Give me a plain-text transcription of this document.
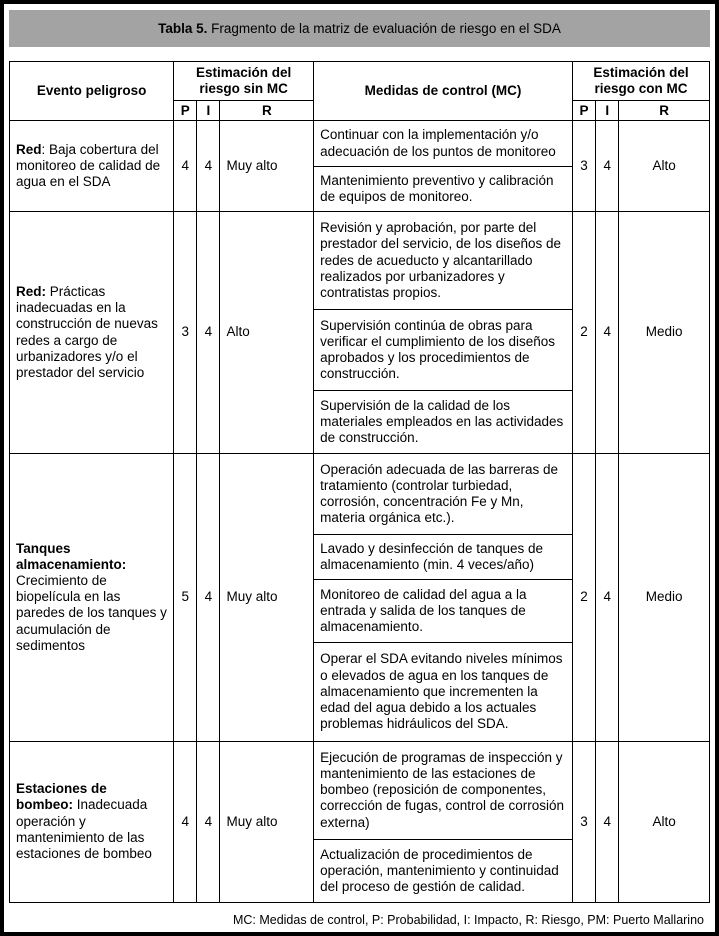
Tabla 5. Fragmento de la matriz de evaluación de riesgo en el SDA
Evento peligroso	Estimación del riesgo sin MC			Medidas de control (MC)	Estimación del riesgo con MC		
	P	I	R		P	I	R
Red: Baja cobertura del monitoreo de calidad de agua en el SDA	4	4	Muy alto	Continuar con la implementación y/o adecuación de los puntos de monitoreo	3	4	Alto
				Mantenimiento preventivo y calibración de equipos de monitoreo.			
Red: Prácticas inadecuadas en la construcción de nuevas redes a cargo de urbanizadores y/o el prestador del servicio	3	4	Alto	Revisión y aprobación, por parte del prestador del servicio, de los diseños de redes de acueducto y alcantarillado realizados por urbanizadores y contratistas propios.	2	4	Medio
				Supervisión continúa de obras para verificar el cumplimiento de los diseños aprobados y los procedimientos de construcción.			
				Supervisión de la calidad de los materiales empleados en las actividades de construcción.			
Tanques almacenamiento: Crecimiento de biopelícula en las paredes de los tanques y acumulación de sedimentos	5	4	Muy alto	Operación adecuada de las barreras de tratamiento (controlar turbiedad, corrosión, concentración Fe y Mn, materia orgánica etc.).	2	4	Medio
				Lavado y desinfección de tanques de almacenamiento (min. 4 veces/año)			
				Monitoreo de calidad del agua a la entrada y salida de los tanques de almacenamiento.			
				Operar el SDA evitando niveles mínimos o elevados de agua en los tanques de almacenamiento que incrementen la edad del agua debido a los actuales problemas hidráulicos del SDA.			
Estaciones de bombeo: Inadecuada operación y mantenimiento de las estaciones de bombeo	4	4	Muy alto	Ejecución de programas de inspección y mantenimiento de las estaciones de bombeo (reposición de componentes, corrección de fugas, control de corrosión externa)	3	4	Alto
				Actualización de procedimientos de operación, mantenimiento y continuidad del proceso de gestión de calidad.			
MC: Medidas de control, P: Probabilidad, I: Impacto, R: Riesgo, PM: Puerto Mallarino
